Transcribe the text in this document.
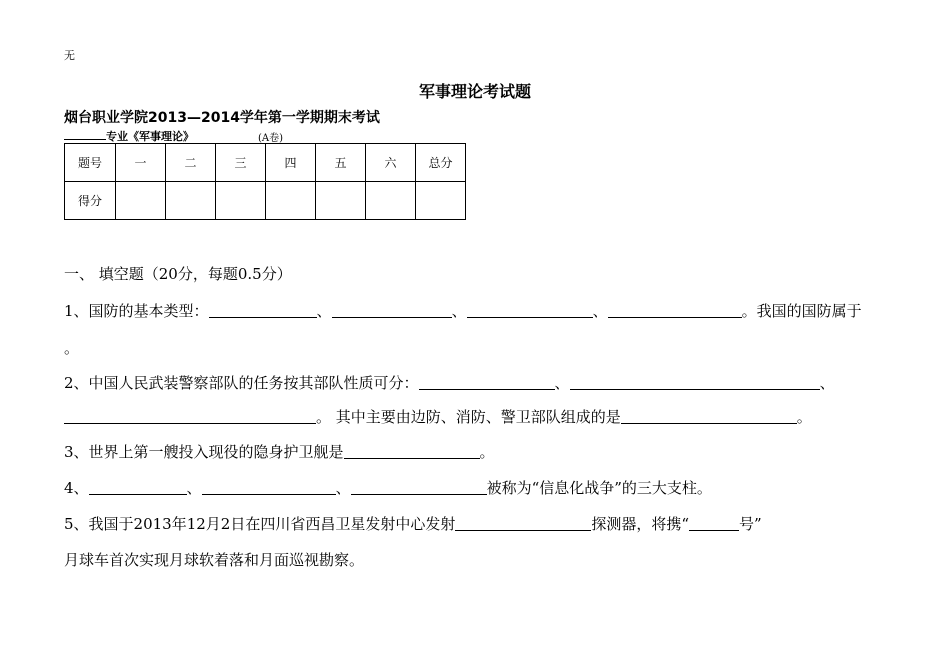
无
军事理论考试题
烟台职业学院2013—2014学年第一学期期末考试
专业《军事理论》	(A卷)
题号	一	二	三	四	五	六	总分
得分							
一、 填空题（20分，每题0.5分）
1、国防的基本类型：	、	、	、	。我国的国防属于
。
2、中国人民武装警察部队的任务按其部队性质可分：	、	、
。 其中主要由边防、消防、警卫部队组成的是	。
3、世界上第一艘投入现役的隐身护卫舰是	。
4、	、	、	被称为“信息化战争”的三大支柱。
5、我国于2013年12月2日在四川省西昌卫星发射中心发射	探测器，将携“	号”
月球车首次实现月球软着落和月面巡视勘察。
